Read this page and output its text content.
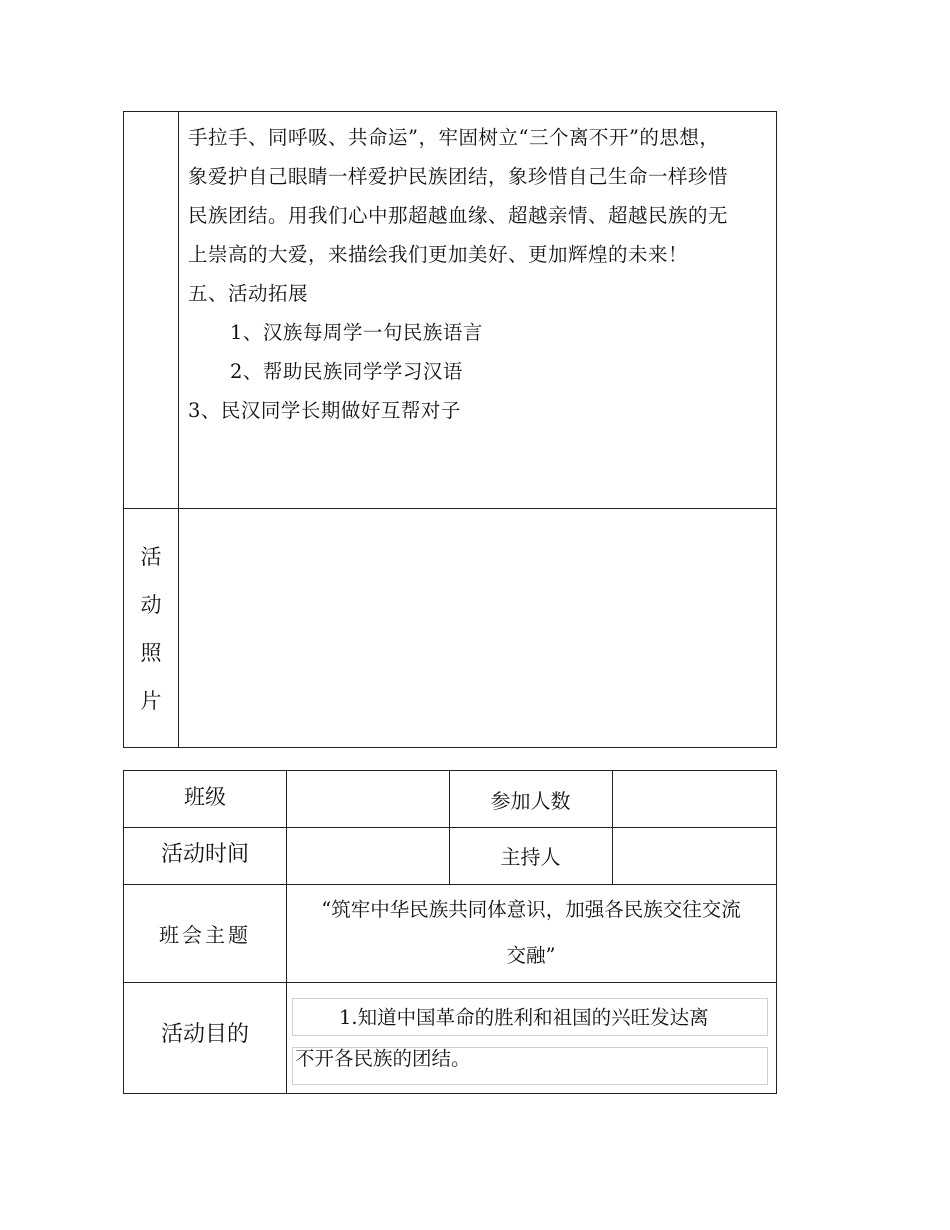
手拉手、同呼吸、共命运”，牢固树立“三个离不开”的思想，

象爱护自己眼睛一样爱护民族团结，象珍惜自己生命一样珍惜

民族团结。用我们心中那超越血缘、超越亲情、超越民族的无

上崇高的大爱，来描绘我们更加美好、更加辉煌的未来！

五、活动拓展

1、汉族每周学一句民族语言

2、帮助民族同学学习汉语

3、民汉同学长期做好互帮对子

活
动
照
片
班级	参加人数
活动时间	主持人
班会主题
“筑牢中华民族共同体意识，加强各民族交往交流
交融”
活动目的
1.知道中国革命的胜利和祖国的兴旺发达离
不开各民族的团结。
